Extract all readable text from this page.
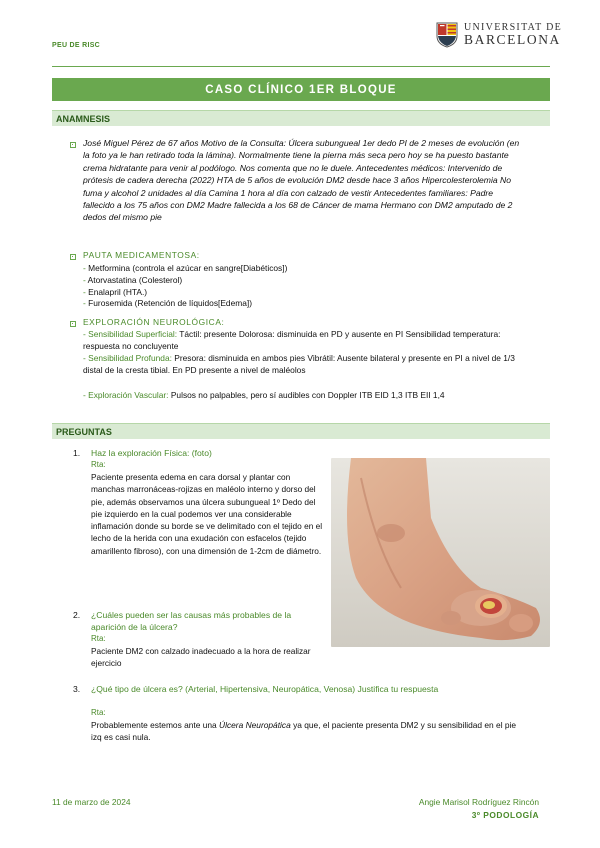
PEU DE RISC
UNIVERSITAT DE
BARCELONA
CASO CLÍNICO 1ER BLOQUE
ANAMNESIS
José Miguel Pérez de 67 años Motivo de la Consulta: Úlcera subungueal 1er dedo PI de 2 meses de evolución (en la foto ya le han retirado toda la lámina). Normalmente tiene la pierna más seca pero hoy se ha puesto bastante crema hidratante para venir al podólogo. Nos comenta que no le duele. Antecedentes médicos: Intervenido de prótesis de cadera derecha (2022) HTA de 5 años de evolución DM2 desde hace 3 años Hipercolesterolemia No fuma y alcohol 2 unidades al día Camina 1 hora al día con calzado de vestir Antecedentes familiares: Padre fallecido a los 75 años con DM2 Madre fallecida a los 68 de Cáncer de mama Hermano con DM2 amputado de 2 dedos del mismo pie
PAUTA MEDICAMENTOSA:
- Metformina (controla el azúcar en sangre[Diabéticos])
- Atorvastatina (Colesterol)
- Enalapril (HTA.)
- Furosemida (Retención de líquidos[Edema])
EXPLORACIÓN NEUROLÓGICA:
- Sensibilidad Superficial: Táctil: presente Dolorosa: disminuida en PD y ausente en PI Sensibilidad temperatura: respuesta no concluyente
- Sensibilidad Profunda: Presora: disminuida en ambos pies Vibrátil: Ausente bilateral y presente en PI a nivel de 1/3 distal de la cresta tibial. En PD presente a nivel de maléolos
- Exploración Vascular: Pulsos no palpables, pero sí audibles con Doppler ITB EID 1,3 ITB EII 1,4
PREGUNTAS
1. Haz la exploración Física: (foto)
Rta:
Paciente presenta edema en cara dorsal y plantar con manchas marronáceas-rojizas en maléolo interno y dorso del pie, además observamos una úlcera subungueal 1º Dedo del pie izquierdo en la cual podemos ver una considerable inflamación donde su borde se ve delimitado con el tejido en el lecho de la herida con una exudación con esfacelos (tejido amarillento fibroso), con una dimensión de 1-2cm de diámetro.
2. ¿Cuáles pueden ser las causas más probables de la aparición de la úlcera?
Rta:
Paciente DM2 con calzado inadecuado a la hora de realizar ejercicio
3. ¿Qué tipo de úlcera es? (Arterial, Hipertensiva, Neuropática, Venosa) Justifica tu respuesta
Rta:
Probablemente estemos ante una Úlcera Neuropática ya que, el paciente presenta DM2 y su sensibilidad en el pie izq es casi nula.
11 de marzo de 2024	Angie Marisol Rodríguez Rincón
3º PODOLOGÍA
